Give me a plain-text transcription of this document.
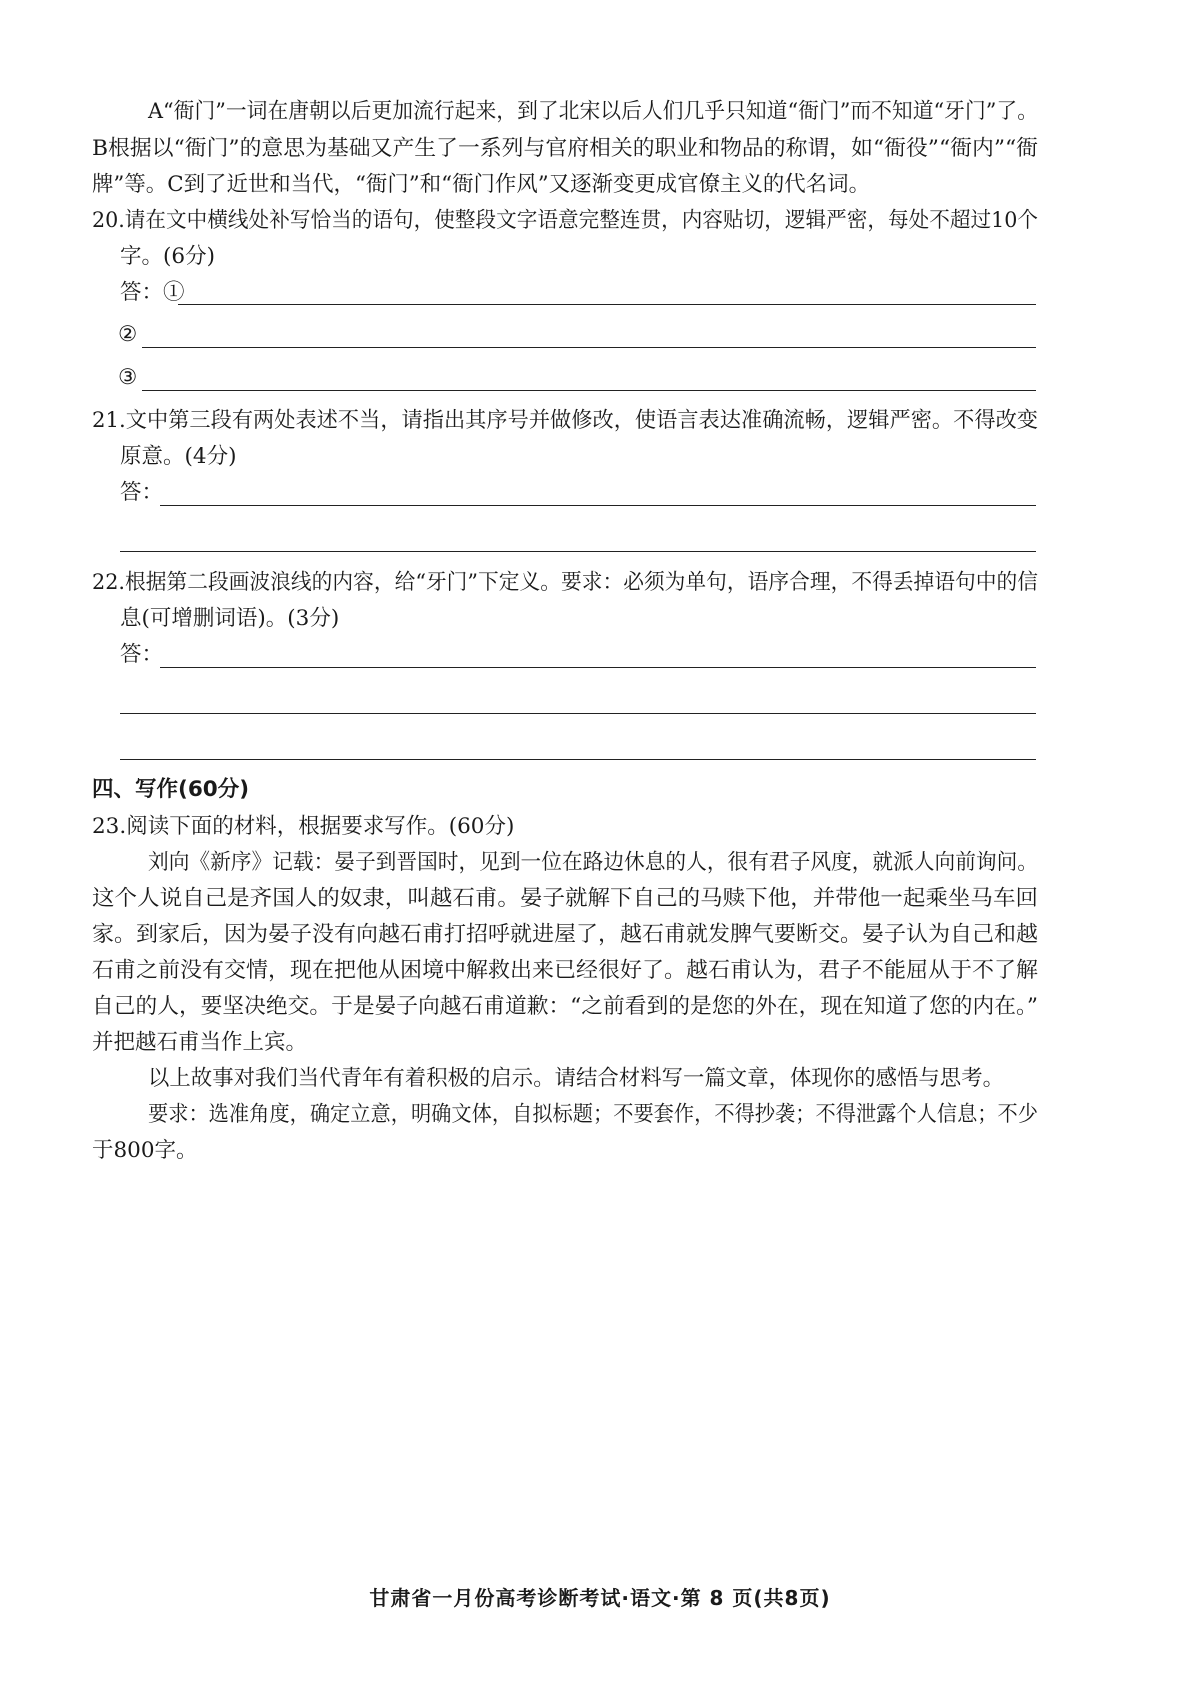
A“衙门”一词在唐朝以后更加流行起来，到了北宋以后人们几乎只知道“衙门”而不知道“牙门”了。
B根据以“衙门”的意思为基础又产生了一系列与官府相关的职业和物品的称谓，如“衙役”“衙内”“衙
牌”等。C到了近世和当代，“衙门”和“衙门作风”又逐渐变更成官僚主义的代名词。
20.请在文中横线处补写恰当的语句，使整段文字语意完整连贯，内容贴切，逻辑严密，每处不超过10个
字。(6分)
答：①
②
③
21.文中第三段有两处表述不当，请指出其序号并做修改，使语言表达准确流畅，逻辑严密。不得改变
原意。(4分)
答：
22.根据第二段画波浪线的内容，给“牙门”下定义。要求：必须为单句，语序合理，不得丢掉语句中的信
息(可增删词语)。(3分)
答：
四、写作(60分)
23.阅读下面的材料，根据要求写作。(60分)
刘向《新序》记载：晏子到晋国时，见到一位在路边休息的人，很有君子风度，就派人向前询问。
这个人说自己是齐国人的奴隶，叫越石甫。晏子就解下自己的马赎下他，并带他一起乘坐马车回
家。到家后，因为晏子没有向越石甫打招呼就进屋了，越石甫就发脾气要断交。晏子认为自己和越
石甫之前没有交情，现在把他从困境中解救出来已经很好了。越石甫认为，君子不能屈从于不了解
自己的人，要坚决绝交。于是晏子向越石甫道歉：“之前看到的是您的外在，现在知道了您的内在。”
并把越石甫当作上宾。
以上故事对我们当代青年有着积极的启示。请结合材料写一篇文章，体现你的感悟与思考。
要求：选准角度，确定立意，明确文体，自拟标题；不要套作，不得抄袭；不得泄露个人信息；不少
于800字。
甘肃省一月份高考诊断考试·语文·第 8 页(共8页)
